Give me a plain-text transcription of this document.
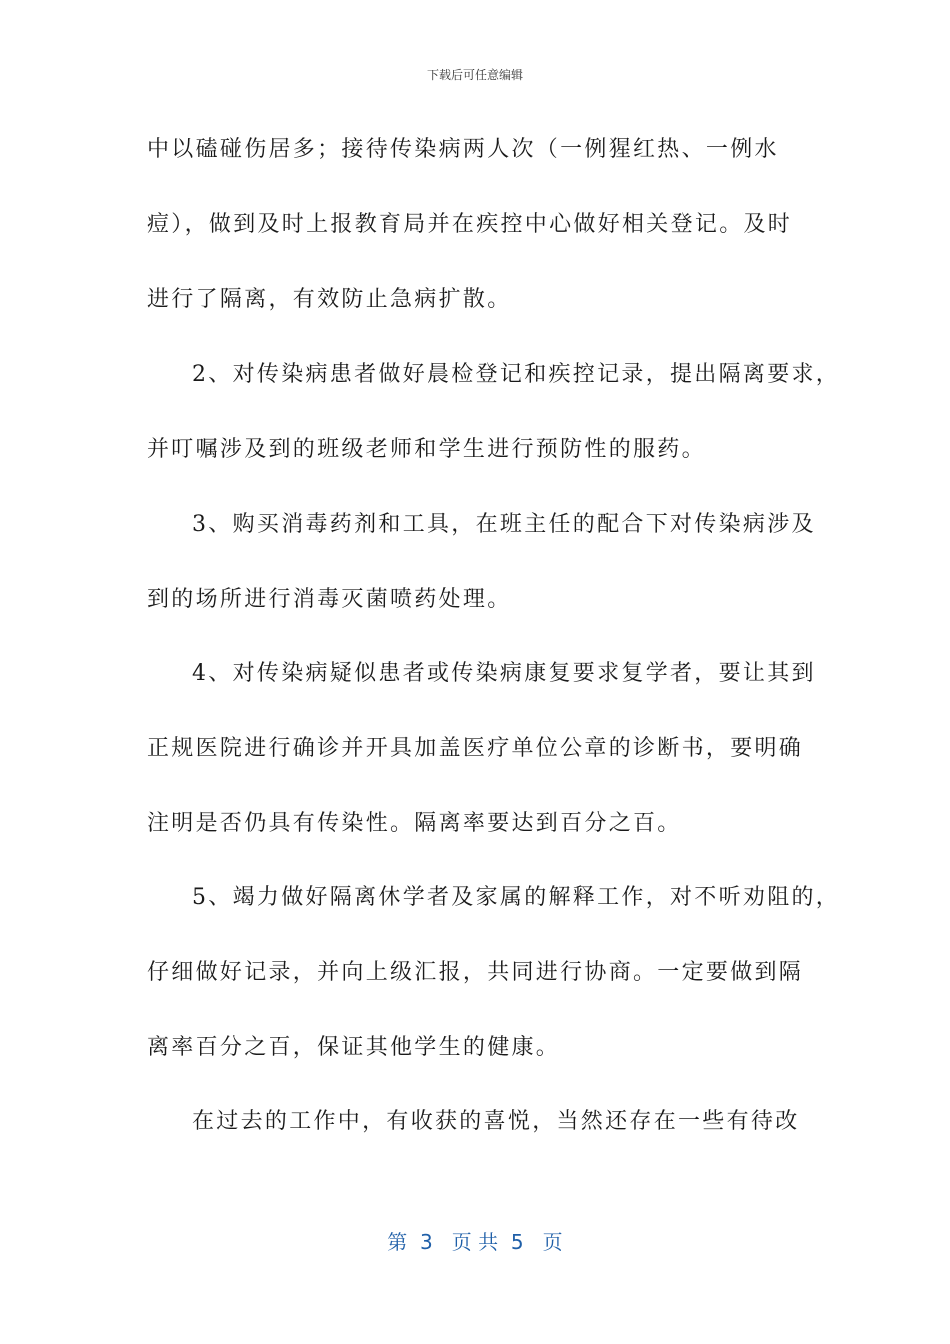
下载后可任意编辑
中以磕碰伤居多；接待传染病两人次（一例猩红热、一例水
痘），做到及时上报教育局并在疾控中心做好相关登记。及时
进行了隔离，有效防止急病扩散。
2、对传染病患者做好晨检登记和疾控记录，提出隔离要求，
并叮嘱涉及到的班级老师和学生进行预防性的服药。
3、购买消毒药剂和工具，在班主任的配合下对传染病涉及
到的场所进行消毒灭菌喷药处理。
4、对传染病疑似患者或传染病康复要求复学者，要让其到
正规医院进行确诊并开具加盖医疗单位公章的诊断书，要明确
注明是否仍具有传染性。隔离率要达到百分之百。
5、竭力做好隔离休学者及家属的解释工作，对不听劝阻的，
仔细做好记录，并向上级汇报，共同进行协商。一定要做到隔
离率百分之百，保证其他学生的健康。
在过去的工作中，有收获的喜悦，当然还存在一些有待改
第  3   页 共  5   页
